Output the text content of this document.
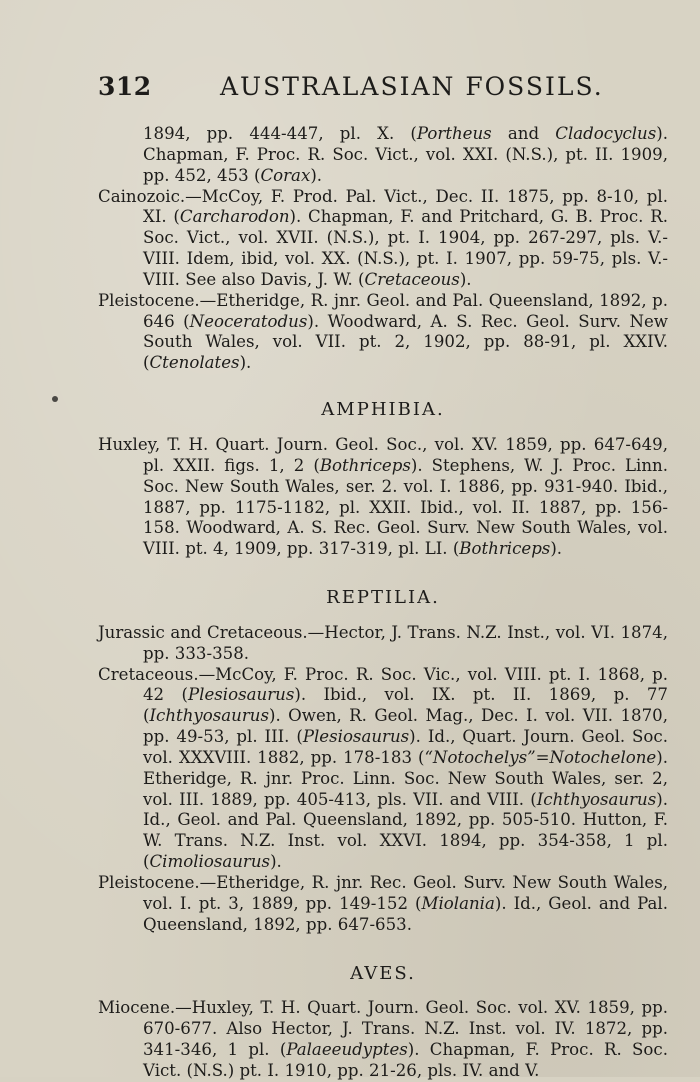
312	AUSTRALASIAN FOSSILS.

1894, pp. 444-447, pl. X. (Portheus and Cladocyclus). Chapman, F. Proc. R. Soc. Vict., vol. XXI. (N.S.), pt. II. 1909, pp. 452, 453 (Corax).

Cainozoic.—McCoy, F. Prod. Pal. Vict., Dec. II. 1875, pp. 8-10, pl. XI. (Carcharodon). Chapman, F. and Pritchard, G. B. Proc. R. Soc. Vict., vol. XVII. (N.S.), pt. I. 1904, pp. 267-297, pls. V.-VIII. Idem, ibid, vol. XX. (N.S.), pt. I. 1907, pp. 59-75, pls. V.-VIII. See also Davis, J. W. (Cretaceous).

Pleistocene.—Etheridge, R. jnr. Geol. and Pal. Queensland, 1892, p. 646 (Neoceratodus). Woodward, A. S. Rec. Geol. Surv. New South Wales, vol. VII. pt. 2, 1902, pp. 88-91, pl. XXIV. (Ctenolates).

AMPHIBIA.

Huxley, T. H. Quart. Journ. Geol. Soc., vol. XV. 1859, pp. 647-649, pl. XXII. figs. 1, 2 (Bothriceps). Stephens, W. J. Proc. Linn. Soc. New South Wales, ser. 2. vol. I. 1886, pp. 931-940. Ibid., 1887, pp. 1175-1182, pl. XXII. Ibid., vol. II. 1887, pp. 156-158. Woodward, A. S. Rec. Geol. Surv. New South Wales, vol. VIII. pt. 4, 1909, pp. 317-319, pl. LI. (Bothriceps).

REPTILIA.

Jurassic and Cretaceous.—Hector, J. Trans. N.Z. Inst., vol. VI. 1874, pp. 333-358.

Cretaceous.—McCoy, F. Proc. R. Soc. Vic., vol. VIII. pt. I. 1868, p. 42 (Plesiosaurus). Ibid., vol. IX. pt. II. 1869, p. 77 (Ichthyosaurus). Owen, R. Geol. Mag., Dec. I. vol. VII. 1870, pp. 49-53, pl. III. (Plesiosaurus). Id., Quart. Journ. Geol. Soc. vol. XXXVIII. 1882, pp. 178-183 (“Notochelys”=Notochelone). Etheridge, R. jnr. Proc. Linn. Soc. New South Wales, ser. 2, vol. III. 1889, pp. 405-413, pls. VII. and VIII. (Ichthyosaurus). Id., Geol. and Pal. Queensland, 1892, pp. 505-510. Hutton, F. W. Trans. N.Z. Inst. vol. XXVI. 1894, pp. 354-358, 1 pl. (Cimoliosaurus).

Pleistocene.—Etheridge, R. jnr. Rec. Geol. Surv. New South Wales, vol. I. pt. 3, 1889, pp. 149-152 (Miolania). Id., Geol. and Pal. Queensland, 1892, pp. 647-653.

AVES.

Miocene.—Huxley, T. H. Quart. Journ. Geol. Soc. vol. XV. 1859, pp. 670-677. Also Hector, J. Trans. N.Z. Inst. vol. IV. 1872, pp. 341-346, 1 pl. (Palaeeudyptes). Chapman, F. Proc. R. Soc. Vict. (N.S.) pt. I. 1910, pp. 21-26, pls. IV. and V.
